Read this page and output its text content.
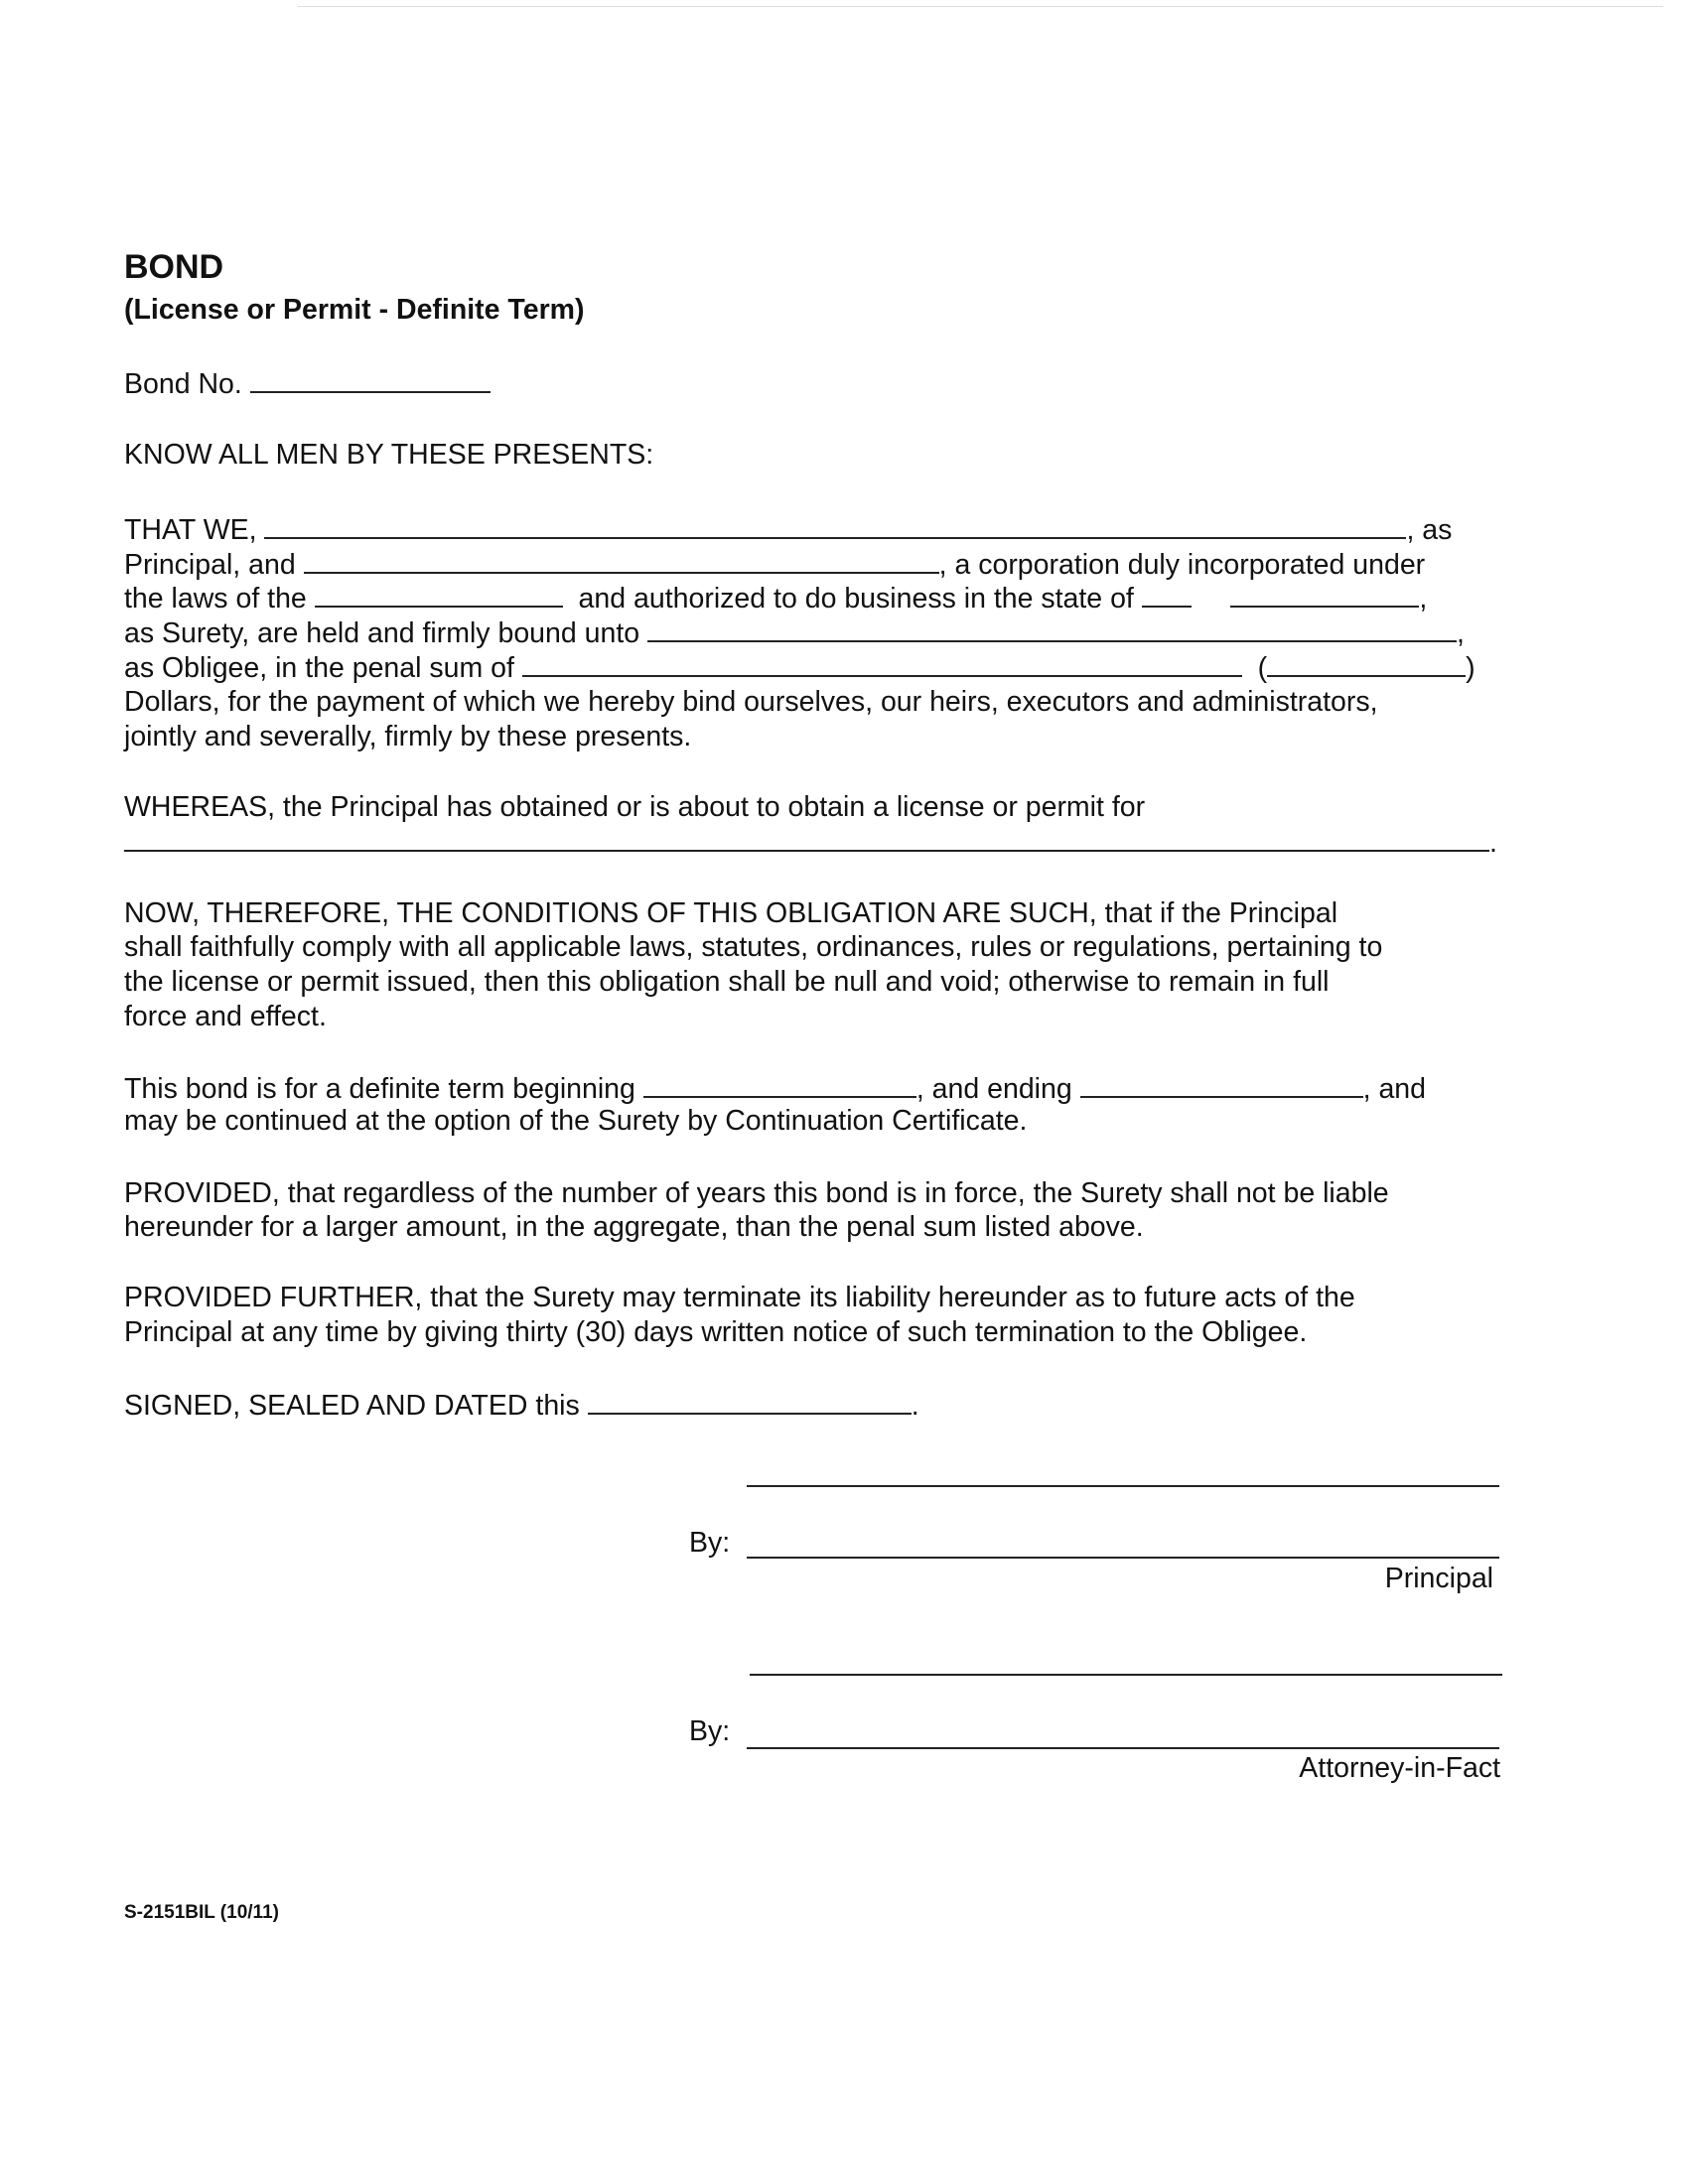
BOND
(License or Permit - Definite Term)
Bond No.
KNOW ALL MEN BY THESE PRESENTS:
THAT WE,	, as
Principal, and	, a corporation duly incorporated under
the laws of the	and authorized to do business in the state of	,
as Surety, are held and firmly bound unto	,
as Obligee, in the penal sum of	(	)
Dollars, for the payment of which we hereby bind ourselves, our heirs, executors and administrators,
jointly and severally, firmly by these presents.
WHEREAS, the Principal has obtained or is about to obtain a license or permit for
.
NOW, THEREFORE, THE CONDITIONS OF THIS OBLIGATION ARE SUCH, that if the Principal
shall faithfully comply with all applicable laws, statutes, ordinances, rules or regulations, pertaining to
the license or permit issued, then this obligation shall be null and void; otherwise to remain in full
force and effect.
This bond is for a definite term beginning	, and ending	, and
may be continued at the option of the Surety by Continuation Certificate.
PROVIDED, that regardless of the number of years this bond is in force, the Surety shall not be liable
hereunder for a larger amount, in the aggregate, than the penal sum listed above.
PROVIDED FURTHER, that the Surety may terminate its liability hereunder as to future acts of the
Principal at any time by giving thirty (30) days written notice of such termination to the Obligee.
SIGNED, SEALED AND DATED this	.
By:
Principal
By:
Attorney-in-Fact
S-2151BIL (10/11)
